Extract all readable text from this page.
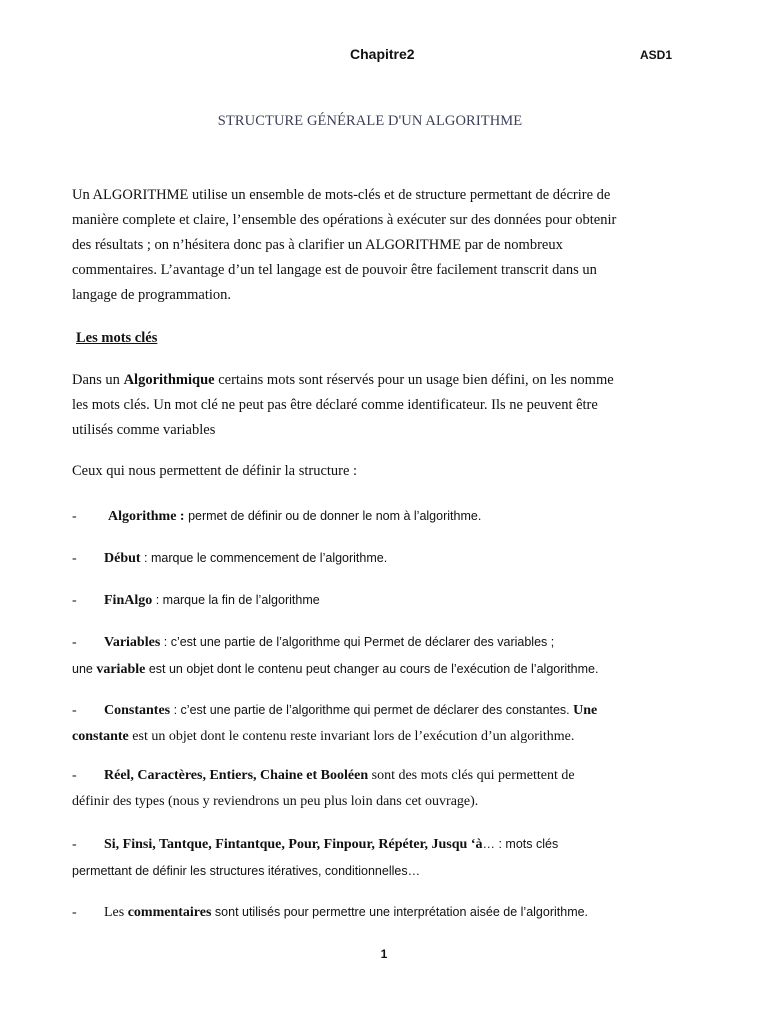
Chapitre2	ASD1
STRUCTURE GÉNÉRALE D'UN ALGORITHME
Un ALGORITHME utilise un ensemble de mots-clés et de structure permettant de décrire de
manière complete et claire, l’ensemble des opérations à exécuter sur des données pour obtenir
des résultats ; on n’hésitera donc pas à clarifier un ALGORITHME par de nombreux
commentaires. L’avantage d’un tel langage est de pouvoir être facilement transcrit dans un
langage de programmation.
Les mots clés
Dans un Algorithmique certains mots sont réservés pour un usage bien défini, on les nomme
les mots clés. Un mot clé ne peut pas être déclaré comme identificateur. Ils ne peuvent être
utilisés comme variables
Ceux qui nous permettent de définir la structure :
- Algorithme : permet de définir ou de donner le nom à l’algorithme.
- Début : marque le commencement de l’algorithme.
- FinAlgo : marque la fin de l’algorithme
- Variables : c’est une partie de l’algorithme qui Permet de déclarer des variables ;
une variable est un objet dont le contenu peut changer au cours de l’exécution de l’algorithme.
- Constantes : c’est une partie de l’algorithme qui permet de déclarer des constantes. Une
constante est un objet dont le contenu reste invariant lors de l’exécution d’un algorithme.
- Réel, Caractères, Entiers, Chaine et Booléen sont des mots clés qui permettent de
définir des types (nous y reviendrons un peu plus loin dans cet ouvrage).
- Si, Finsi, Tantque, Fintantque, Pour, Finpour, Répéter, Jusqu ‘à… : mots clés
permettant de définir les structures itératives, conditionnelles…
- Les commentaires sont utilisés pour permettre une interprétation aisée de l’algorithme.
1
